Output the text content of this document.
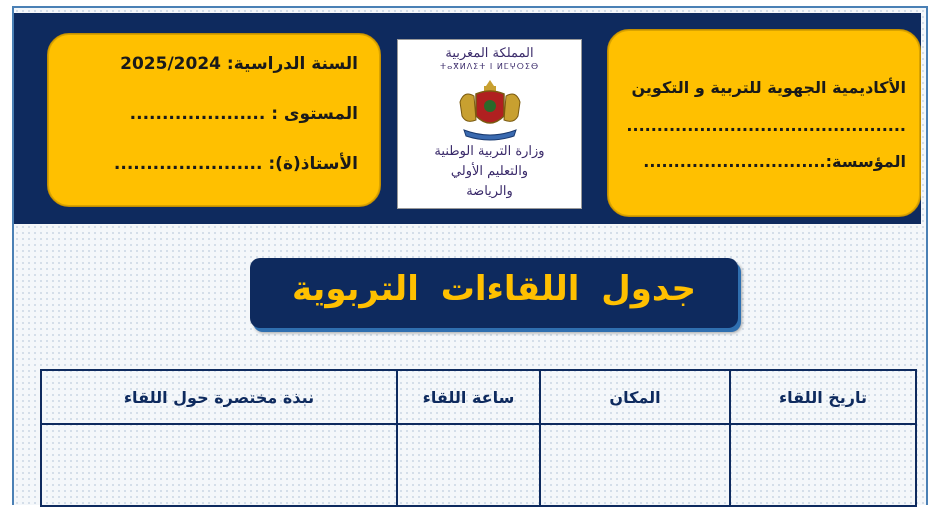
السنة الدراسية: 2025/2024
المستوى : .....................
الأستاذ(ة): .......................
المملكة المغربية
ⵜⴰⴳⵍⴷⵉⵜ ⵏ ⵍⵎⵖⵔⵉⴱ
وزارة التربية الوطنية
والتعليم الأولي
والرياضة
الأكاديمية الجهوية للتربية و التكوين
..............................................
المؤسسة:..............................
جدول اللقاءات التربوية
تاريخ اللقاء	المكان	ساعة اللقاء	نبذة مختصرة حول اللقاء
